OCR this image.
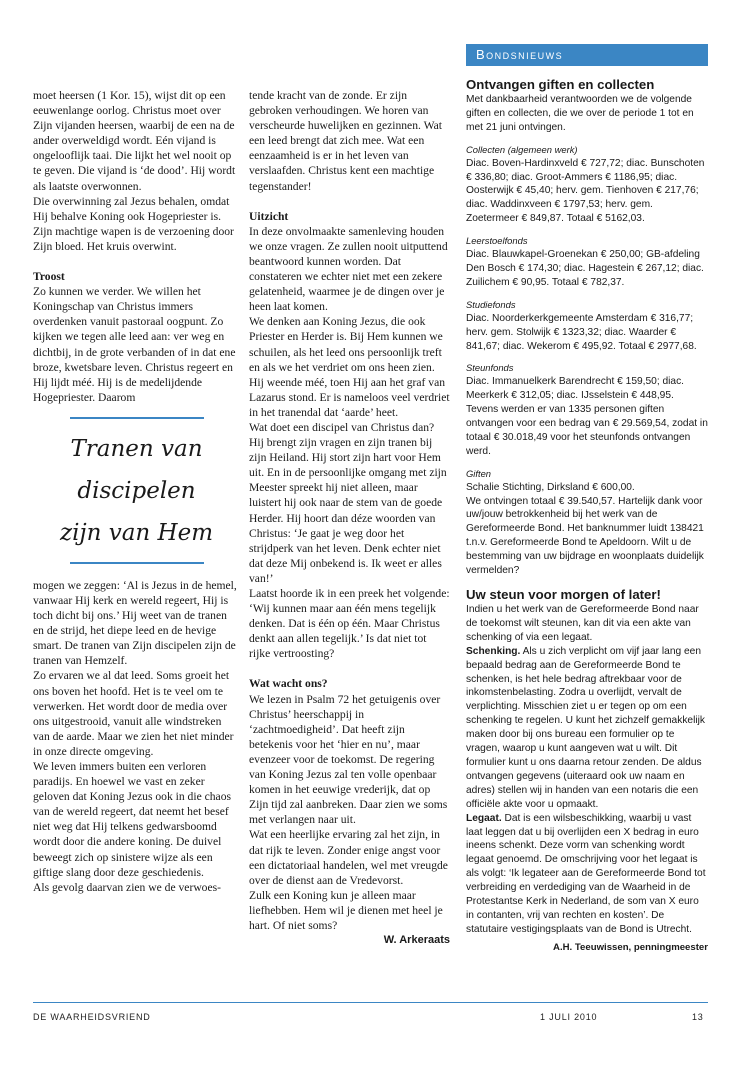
Bondsnieuws

moet heersen (1 Kor. 15), wijst dit op een eeuwenlange oorlog. Christus moet over Zijn vijanden heersen, waarbij de een na de ander overweldigd wordt. Eén vijand is ongelooflijk taai. Die lijkt het wel nooit op te geven. Die vijand is ‘de dood’. Hij wordt als laatste overwonnen.

Die overwinning zal Jezus behalen, omdat Hij behalve Koning ook Hogepriester is. Zijn machtige wapen is de verzoening door Zijn bloed. Het kruis overwint.

Troost

Zo kunnen we verder. We willen het Koningschap van Christus immers overdenken vanuit pastoraal oogpunt. Zo kijken we tegen alle leed aan: ver weg en dichtbij, in de grote verbanden of in dat ene broze, kwetsbare leven. Christus regeert en Hij lijdt méé. Hij is de medelijdende Hogepriester. Daarom

Tranen van
discipelen
zijn van Hem

mogen we zeggen: ‘Al is Jezus in de hemel, vanwaar Hij kerk en wereld regeert, Hij is toch dicht bij ons.’ Hij weet van de tranen en de strijd, het diepe leed en de hevige smart. De tranen van Zijn discipelen zijn de tranen van Hemzelf.

Zo ervaren we al dat leed. Soms groeit het ons boven het hoofd. Het is te veel om te verwerken. Het wordt door de media over ons uitgestrooid, vanuit alle windstreken van de aarde. Maar we zien het niet minder in onze directe omgeving.

We leven immers buiten een verloren paradijs. En hoewel we vast en zeker geloven dat Koning Jezus ook in die chaos van de wereld regeert, dat neemt het besef niet weg dat Hij telkens gedwarsboomd wordt door die andere koning. De duivel beweegt zich op sinistere wijze als een giftige slang door deze geschiedenis.

Als gevolg daarvan zien we de verwoes-

tende kracht van de zonde. Er zijn gebroken verhoudingen. We horen van verscheurde huwelijken en gezinnen. Wat een leed brengt dat zich mee. Wat een eenzaamheid is er in het leven van verslaafden. Christus kent een machtige tegenstander!

Uitzicht

In deze onvolmaakte samenleving houden we onze vragen. Ze zullen nooit uitputtend beantwoord kunnen worden. Dat constateren we echter niet met een zekere gelatenheid, waarmee je de dingen over je heen laat komen.

We denken aan Koning Jezus, die ook Priester en Herder is. Bij Hem kunnen we schuilen, als het leed ons persoonlijk treft en als we het verdriet om ons heen zien. Hij weende méé, toen Hij aan het graf van Lazarus stond. Er is nameloos veel verdriet in het tranendal dat ‘aarde’ heet.

Wat doet een discipel van Christus dan? Hij brengt zijn vragen en zijn tranen bij zijn Heiland. Hij stort zijn hart voor Hem uit. En in de persoonlijke omgang met zijn Meester spreekt hij niet alleen, maar luistert hij ook naar de stem van de goede Herder. Hij hoort dan déze woorden van Christus: ‘Je gaat je weg door het strijdperk van het leven. Denk echter niet dat deze Mij onbekend is. Ik weet er alles van!’

Laatst hoorde ik in een preek het volgende: ‘Wij kunnen maar aan één mens tegelijk denken. Dat is één op één. Maar Christus denkt aan allen tegelijk.’ Is dat niet tot rijke vertroosting?

Wat wacht ons?

We lezen in Psalm 72 het getuigenis over Christus’ heerschappij in ‘zachtmoedigheid’. Dat heeft zijn betekenis voor het ‘hier en nu’, maar evenzeer voor de toekomst. De regering van Koning Jezus zal ten volle openbaar komen in het eeuwige vrederijk, dat op Zijn tijd zal aanbreken. Daar zien we soms met verlangen naar uit.

Wat een heerlijke ervaring zal het zijn, in dat rijk te leven. Zonder enige angst voor een dictatoriaal handelen, wel met vreugde over de dienst aan de Vredevorst.

Zulk een Koning kun je alleen maar liefhebben. Hem wil je dienen met heel je hart. Of niet soms?

W. Arkeraats

Ontvangen giften en collecten

Met dankbaarheid verantwoorden we de volgende giften en collecten, die we over de periode 1 tot en met 21 juni ontvingen.

Collecten (algemeen werk)

Diac. Boven-Hardinxveld € 727,72; diac. Bunschoten € 336,80; diac. Groot-Ammers € 1186,95; diac. Oosterwijk € 45,40; herv. gem. Tienhoven € 217,76; diac. Waddinxveen € 1797,53; herv. gem. Zoetermeer € 849,87. Totaal € 5162,03.

Leerstoelfonds

Diac. Blauwkapel-Groenekan € 250,00; GB-afdeling Den Bosch € 174,30; diac. Hagestein € 267,12; diac. Zuilichem € 90,95. Totaal € 782,37.

Studiefonds

Diac. Noorderkerkgemeente Amsterdam € 316,77; herv. gem. Stolwijk € 1323,32; diac. Waarder € 841,67; diac. Wekerom € 495,92. Totaal € 2977,68.

Steunfonds

Diac. Immanuelkerk Barendrecht € 159,50; diac. Meerkerk € 312,05; diac. IJsselstein € 448,95. Tevens werden er van 1335 personen giften ontvangen voor een bedrag van € 29.569,54, zodat in totaal € 30.018,49 voor het steunfonds ontvangen werd.

Giften

Schalie Stichting, Dirksland € 600,00.

We ontvingen totaal € 39.540,57. Hartelijk dank voor uw/jouw betrokkenheid bij het werk van de Gereformeerde Bond. Het banknummer luidt 138421 t.n.v. Gereformeerde Bond te Apeldoorn. Wilt u de bestemming van uw bijdrage en woonplaats duidelijk vermelden?

Uw steun voor morgen of later!

Indien u het werk van de Gereformeerde Bond naar de toekomst wilt steunen, kan dit via een akte van schenking of via een legaat.

Schenking. Als u zich verplicht om vijf jaar lang een bepaald bedrag aan de Gereformeerde Bond te schenken, is het hele bedrag aftrekbaar voor de inkomstenbelasting. Zodra u overlijdt, vervalt de verplichting. Misschien ziet u er tegen op om een schenking te regelen. U kunt het zichzelf gemakkelijk maken door bij ons bureau een formulier op te vragen, waarop u kunt aangeven wat u wilt. Dit formulier kunt u ons daarna retour zenden. De aldus ontvangen gegevens (uiteraard ook uw naam en adres) stellen wij in handen van een notaris die een officiële akte voor u opmaakt.

Legaat. Dat is een wilsbeschikking, waarbij u vast laat leggen dat u bij overlijden een X bedrag in euro ineens schenkt. Deze vorm van schenking wordt legaat genoemd. De omschrijving voor het legaat is als volgt: ‘Ik legateer aan de Gereformeerde Bond tot verbreiding en verdediging van de Waarheid in de Protestantse Kerk in Nederland, de som van X euro in contanten, vrij van rechten en kosten’. De statutaire vestigingsplaats van de Bond is Utrecht.

A.H. Teeuwissen, penningmeester

DE WAARHEIDSVRIEND	1 JULI 2010	13
